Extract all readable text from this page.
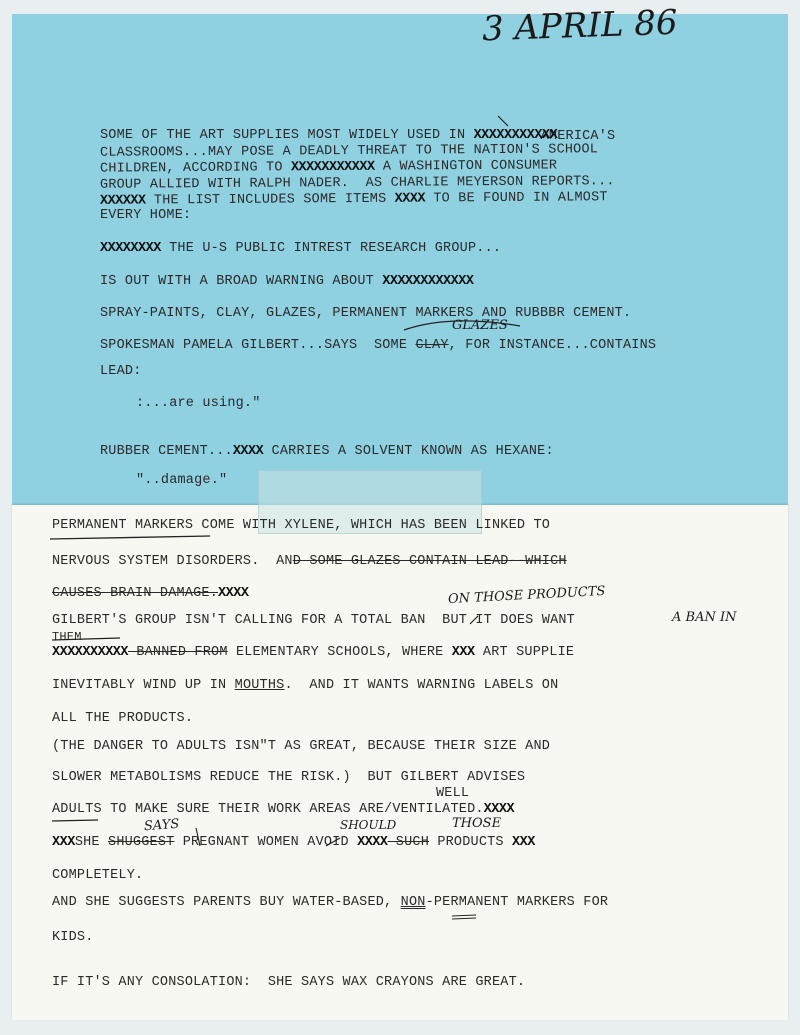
3 APRIL 86

AMERICA'S

SOME OF THE ART SUPPLIES MOST WIDELY USED IN XXXXXXXXXXX
CLASSROOMS...MAY POSE A DEADLY THREAT TO THE NATION'S SCHOOL
CHILDREN, ACCORDING TO XXXXXXXXXXX A WASHINGTON CONSUMER
GROUP ALLIED WITH RALPH NADER.  AS CHARLIE MEYERSON REPORTS...
XXXXXX THE LIST INCLUDES SOME ITEMS XXXX TO BE FOUND IN ALMOST
EVERY HOME:
XXXXXXXX THE U-S PUBLIC INTREST RESEARCH GROUP...
IS OUT WITH A BROAD WARNING ABOUT XXXXXXXXXXXX
SPRAY-PAINTS, CLAY, GLAZES, PERMANENT MARKERS AND RUBBBR CEMENT.
GLAZES
SPOKESMAN PAMELA GILBERT...SAYS  SOME CLAY, FOR INSTANCE...CONTAINS
LEAD:
:...are using."
RUBBER CEMENT...XXXX CARRIES A SOLVENT KNOWN AS HEXANE:
"..damage."
PERMANENT MARKERS COME WITH XYLENE, WHICH HAS BEEN LINKED TO
NERVOUS SYSTEM DISORDERS.  AND SOME GLAZES CONTAIN LEAD--WHICH
CAUSES BRAIN DAMAGE.XXXX	ON THOSE PRODUCTS
A BAN IN
GILBERT'S GROUP ISN'T CALLING FOR A TOTAL BAN  BUT IT DOES WANT
THEM
XXXXXXXXXX BANNED FROM ELEMENTARY SCHOOLS, WHERE XXX ART SUPPLIE
INEVITABLY WIND UP IN MOUTHS.  AND IT WANTS WARNING LABELS ON
ALL THE PRODUCTS.
(THE DANGER TO ADULTS ISN"T AS GREAT, BECAUSE THEIR SIZE AND
SLOWER METABOLISMS REDUCE THE RISK.)  BUT GILBERT ADVISES
WELL
ADULTS TO MAKE SURE THEIR WORK AREAS ARE/VENTILATED.XXXX
SAYS	SHOULD	THOSE
XXXSHE SHUGGEST PREGNANT WOMEN AVOID XXXX SUCH PRODUCTS XXX
COMPLETELY.
AND SHE SUGGESTS PARENTS BUY WATER-BASED, NON-PERMANENT MARKERS FOR
KIDS.
IF IT'S ANY CONSOLATION:  SHE SAYS WAX CRAYONS ARE GREAT.
